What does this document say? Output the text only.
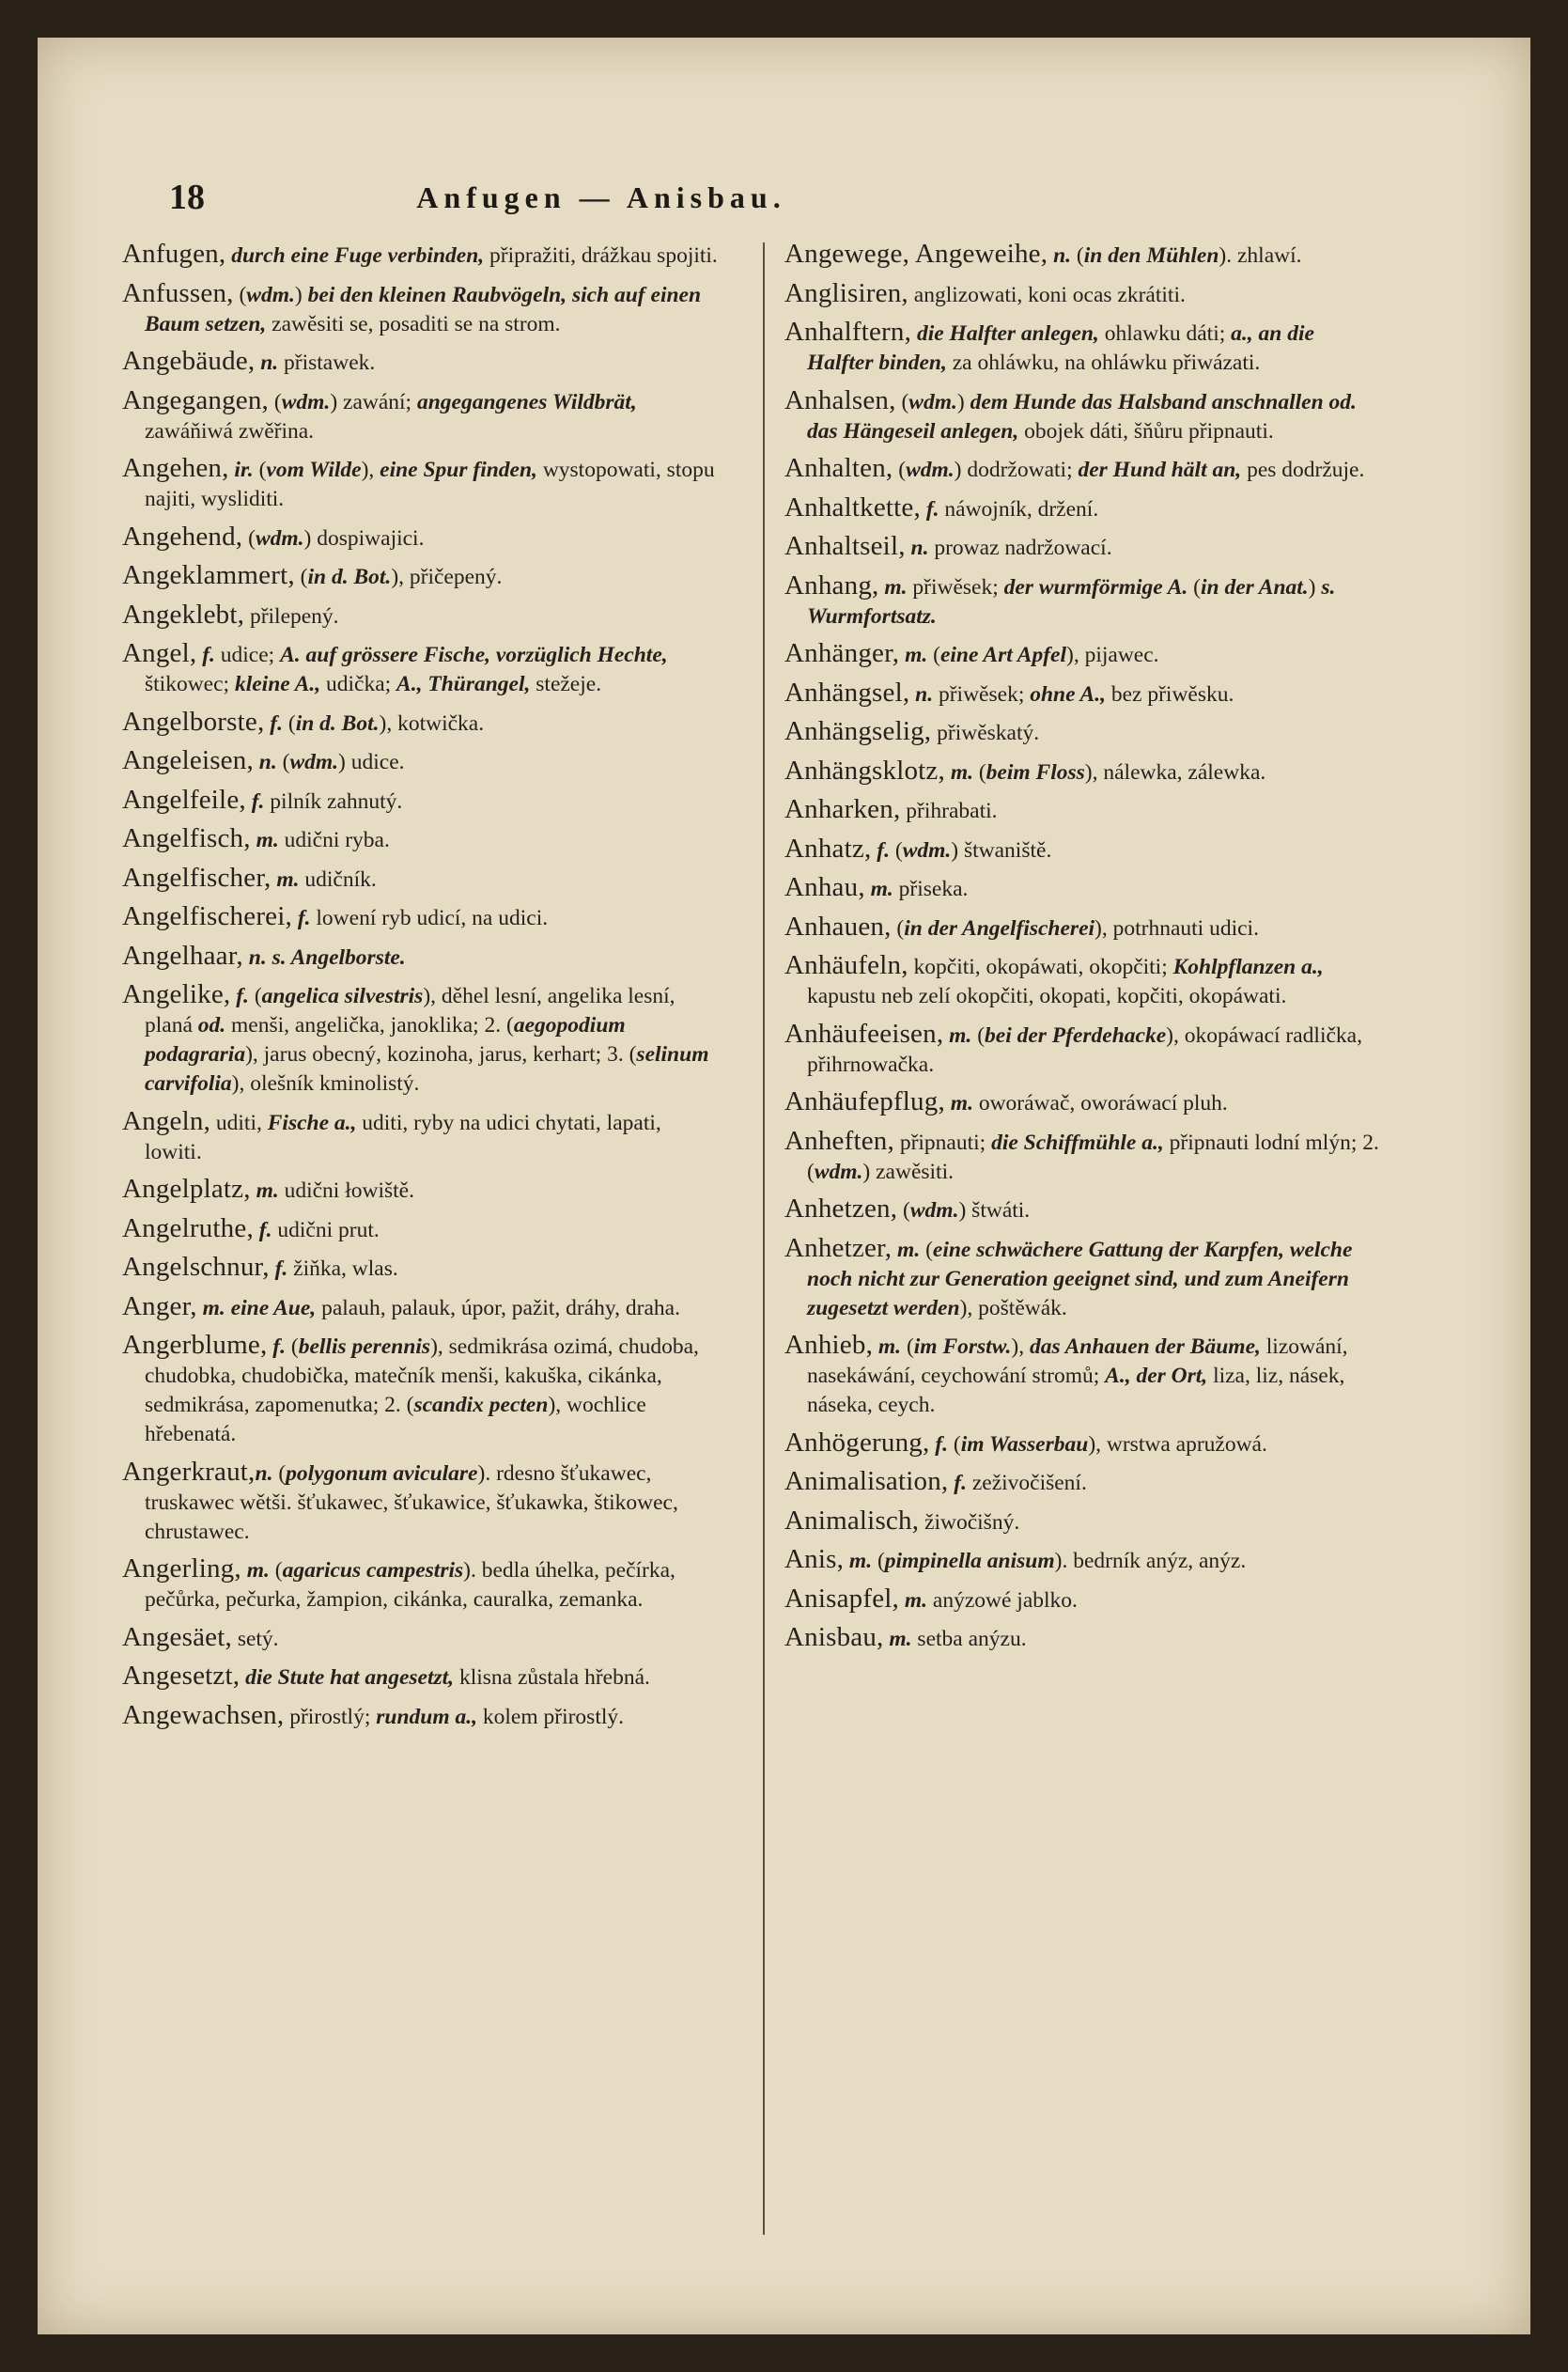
18	Anfugen — Anisbau.
Anfugen, durch eine Fuge verbinden, připražiti, drážkau spojiti.
Anfussen, (wdm.) bei den kleinen Raubvögeln, sich auf einen Baum setzen, zawěsiti se, posaditi se na strom.
Angebäude, n. přistawek.
Angegangen, (wdm.) zawání; angegangenes Wildbrät, zawáňiwá zwěřina.
Angehen, ir. (vom Wilde), eine Spur finden, wystopowati, stopu najiti, wysliditi.
Angehend, (wdm.) dospiwajici.
Angeklammert, (in d. Bot.), přičepený.
Angeklebt, přilepený.
Angel, f. udice; A. auf grössere Fische, vorzüglich Hechte, štikowec; kleine A., udička; A., Thürangel, stežeje.
Angelborste, f. (in d. Bot.), kotwička.
Angeleisen, n. (wdm.) udice.
Angelfeile, f. pilník zahnutý.
Angelfisch, m. udični ryba.
Angelfischer, m. udičník.
Angelfischerei, f. lowení ryb udicí, na udici.
Angelhaar, n. s. Angelborste.
Angelike, f. (angelica silvestris), děhel lesní, angelika lesní, planá od. menši, angelička, janoklika; 2. (aegopodium podagraria), jarus obecný, kozinoha, jarus, kerhart; 3. (selinum carvifolia), olešník kminolistý.
Angeln, uditi, Fische a., uditi, ryby na udici chytati, lapati, lowiti.
Angelplatz, m. udični łowiště.
Angelruthe, f. udični prut.
Angelschnur, f. žiňka, wlas.
Anger, m. eine Aue, palauh, palauk, úpor, pažit, dráhy, draha.
Angerblume, f. (bellis perennis), sedmikrása ozimá, chudoba, chudobka, chudobička, matečník menši, kakuška, cikánka, sedmikrása, zapomenutka; 2. (scandix pecten), wochlice hřebenatá.
Angerkraut,n. (polygonum aviculare). rdesno šťukawec, truskawec wětši. šťukawec, šťukawice, šťukawka, štikowec, chrustawec.
Angerling, m. (agaricus campestris). bedla úhelka, pečírka, pečůrka, pečurka, žampion, cikánka, cauralka, zemanka.
Angesäet, setý.
Angesetzt, die Stute hat angesetzt, klisna zůstala hřebná.
Angewachsen, přirostlý; rundum a., kolem přirostlý.
Angewege, Angeweihe, n. (in den Mühlen). zhlawí.
Anglisiren, anglizowati, koni ocas zkrátiti.
Anhalftern, die Halfter anlegen, ohlawku dáti; a., an die Halfter binden, za ohláwku, na ohláwku přiwázati.
Anhalsen, (wdm.) dem Hunde das Halsband anschnallen od. das Hängeseil anlegen, obojek dáti, šňůru připnauti.
Anhalten, (wdm.) dodržowati; der Hund hält an, pes dodržuje.
Anhaltkette, f. náwojník, držení.
Anhaltseil, n. prowaz nadržowací.
Anhang, m. přiwěsek; der wurmförmige A. (in der Anat.) s. Wurmfortsatz.
Anhänger, m. (eine Art Apfel), pijawec.
Anhängsel, n. přiwěsek; ohne A., bez přiwěsku.
Anhängselig, přiwěskatý.
Anhängsklotz, m. (beim Floss), nálewka, zálewka.
Anharken, přihrabati.
Anhatz, f. (wdm.) štwaniště.
Anhau, m. přiseka.
Anhauen, (in der Angelfischerei), potrhnauti udici.
Anhäufeln, kopčiti, okopáwati, okopčiti; Kohlpflanzen a., kapustu neb zelí okopčiti, okopati, kopčiti, okopáwati.
Anhäufeeisen, m. (bei der Pferdehacke), okopáwací radlička, přihrnowačka.
Anhäufepflug, m. oworáwač, oworáwací pluh.
Anheften, připnauti; die Schiffmühle a., připnauti lodní mlýn; 2. (wdm.) zawěsiti.
Anhetzen, (wdm.) štwáti.
Anhetzer, m. (eine schwächere Gattung der Karpfen, welche noch nicht zur Generation geeignet sind, und zum Aneifern zugesetzt werden), poštěwák.
Anhieb, m. (im Forstw.), das Anhauen der Bäume, lizowání, nasekáwání, ceychowání stromů; A., der Ort, liza, liz, násek, náseka, ceych.
Anhögerung, f. (im Wasserbau), wrstwa apružowá.
Animalisation, f. zeživočišení.
Animalisch, žiwočišný.
Anis, m. (pimpinella anisum). bedrník anýz, anýz.
Anisapfel, m. anýzowé jablko.
Anisbau, m. setba anýzu.
